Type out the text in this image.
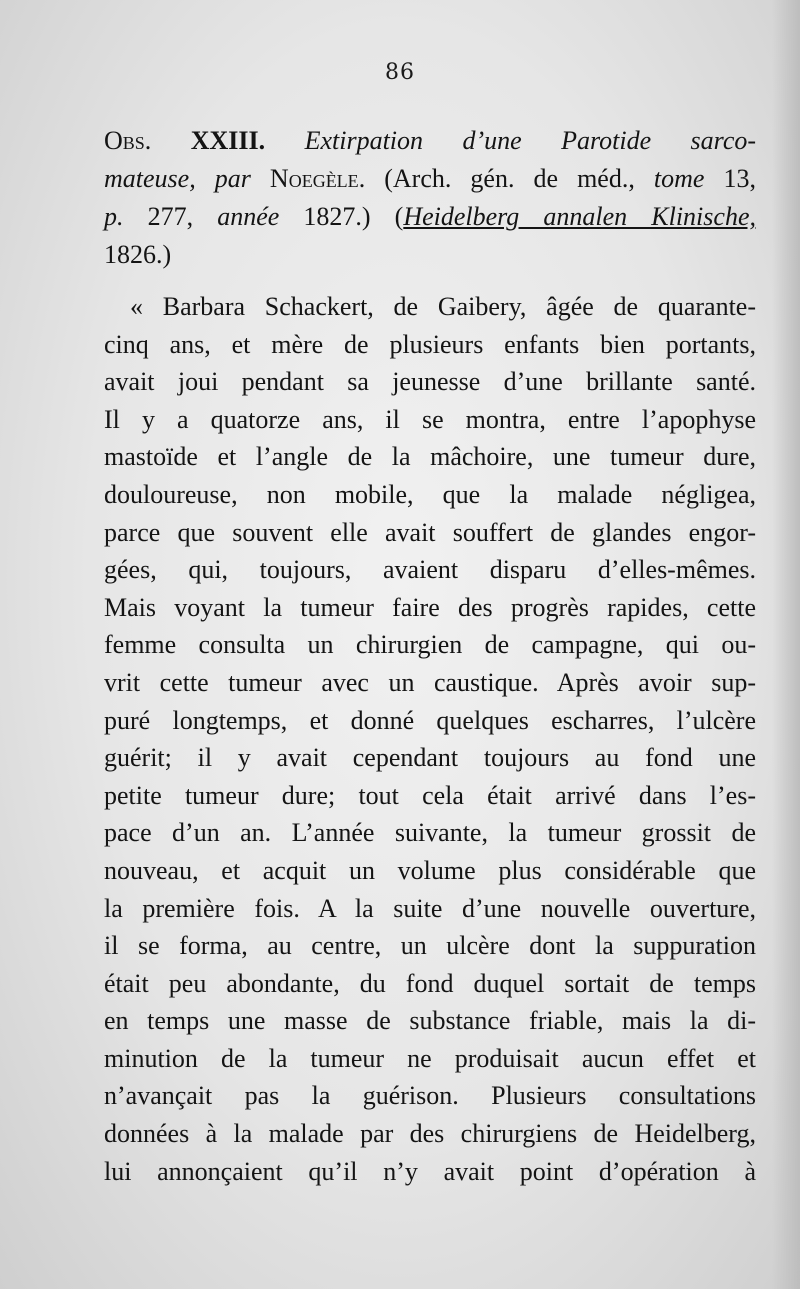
86
Obs. XXIII. Extirpation d’une Parotide sarco-
mateuse, par Noegèle. (Arch. gén. de méd., tome 13,
p. 277, année 1827.) (Heidelberg annalen Klinische,
1826.)
« Barbara Schackert, de Gaibery, âgée de quarante-
cinq ans, et mère de plusieurs enfants bien portants,
avait joui pendant sa jeunesse d’une brillante santé.
Il y a quatorze ans, il se montra, entre l’apophyse
mastoïde et l’angle de la mâchoire, une tumeur dure,
douloureuse, non mobile, que la malade négligea,
parce que souvent elle avait souffert de glandes engor-
gées, qui, toujours, avaient disparu d’elles-mêmes.
Mais voyant la tumeur faire des progrès rapides, cette
femme consulta un chirurgien de campagne, qui ou-
vrit cette tumeur avec un caustique. Après avoir sup-
puré longtemps, et donné quelques escharres, l’ulcère
guérit; il y avait cependant toujours au fond une
petite tumeur dure; tout cela était arrivé dans l’es-
pace d’un an. L’année suivante, la tumeur grossit de
nouveau, et acquit un volume plus considérable que
la première fois. A la suite d’une nouvelle ouverture,
il se forma, au centre, un ulcère dont la suppuration
était peu abondante, du fond duquel sortait de temps
en temps une masse de substance friable, mais la di-
minution de la tumeur ne produisait aucun effet et
n’avançait pas la guérison. Plusieurs consultations
données à la malade par des chirurgiens de Heidelberg,
lui annonçaient qu’il n’y avait point d’opération à
